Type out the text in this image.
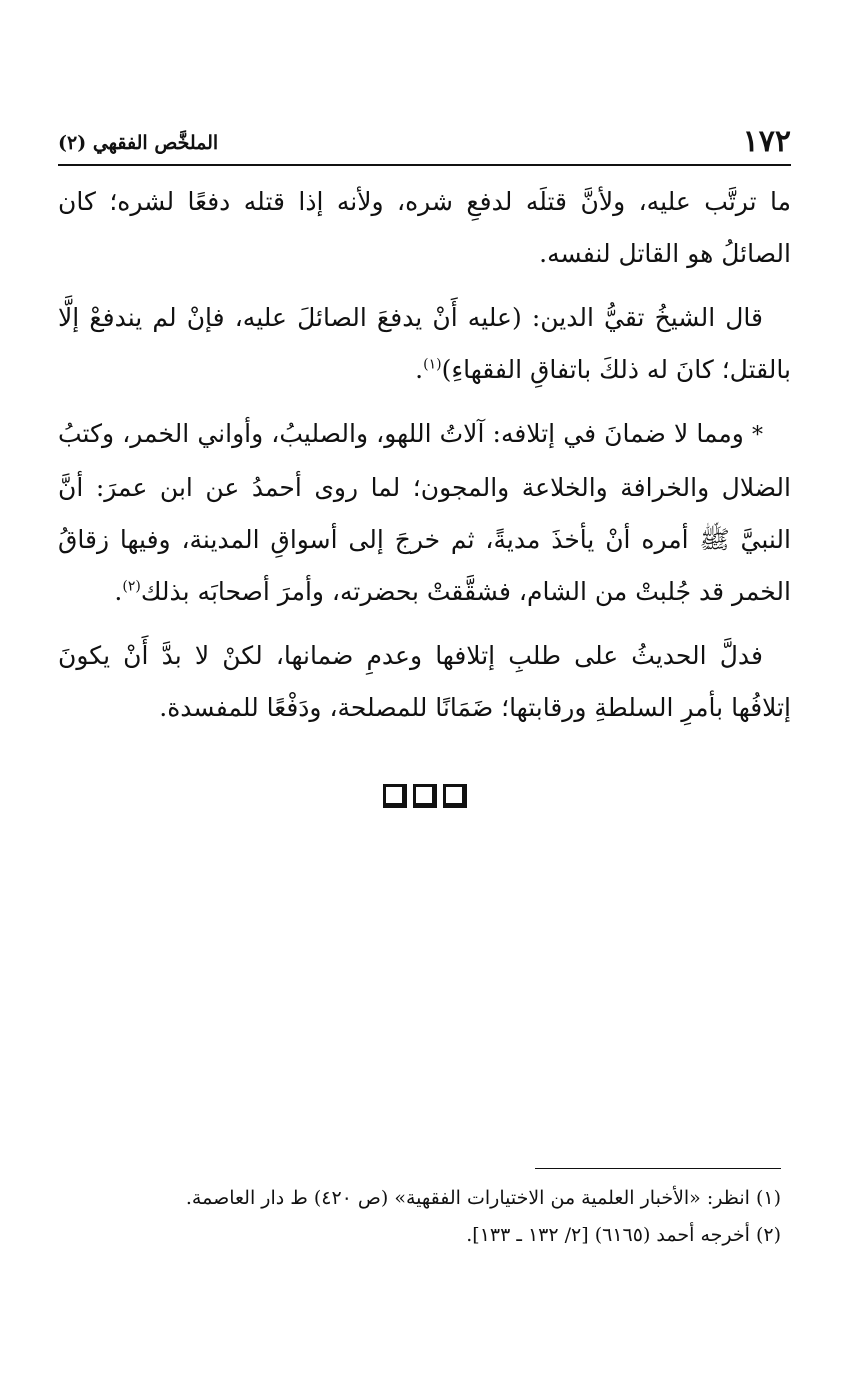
١٧٢
الملخَّص الفقهي (٢)

ما ترتَّب عليه، ولأنَّ قتلَه لدفعِ شره، ولأنه إذا قتله دفعًا لشره؛ كان الصائلُ هو القاتل لنفسه.

قال الشيخُ تقيُّ الدين: (عليه أَنْ يدفعَ الصائلَ عليه، فإنْ لم يندفعْ إلَّا بالقتل؛ كانَ له ذلكَ باتفاقِ الفقهاءِ)$^{(١)}$.

* ومما لا ضمانَ في إتلافه: آلاتُ اللهو، والصليبُ، وأواني الخمر، وكتبُ الضلال والخرافة والخلاعة والمجون؛ لما روى أحمدُ عن ابن عمرَ: أنَّ النبيَّ ﷺ أمره أنْ يأخذَ مديةً، ثم خرجَ إلى أسواقِ المدينة، وفيها زقاقُ الخمر قد جُلبتْ من الشام، فشقَّقتْ بحضرته، وأمرَ أصحابَه بذلك$^{(٢)}$.

فدلَّ الحديثُ على طلبِ إتلافها وعدمِ ضمانها، لكنْ لا بدَّ أَنْ يكونَ إتلافُها بأمرِ السلطةِ ورقابتها؛ ضَمَانًا للمصلحة، ودَفْعًا للمفسدة.

(١) انظر: «الأخبار العلمية من الاختيارات الفقهية» (ص ٤٢٠) ط دار العاصمة.

(٢) أخرجه أحمد (٦١٦٥) [٢/ ١٣٢ ـ ١٣٣].
